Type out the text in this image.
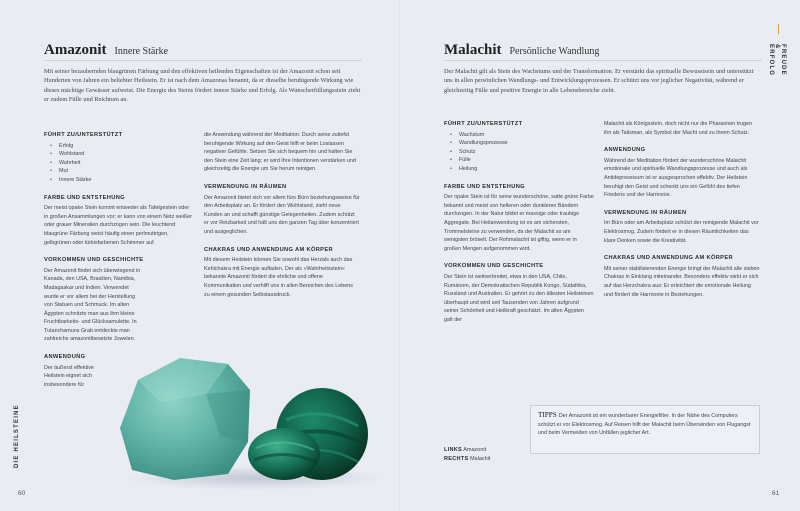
Amazonit Innere Stärke

Mit seiner bezaubernden blaugrünen Färbung und den effektiven heilenden Eigenschaften ist der Amazonit schon seit Hunderten von Jahren ein beliebter Heilstein. Er ist nach dem Amazonas benannt, da er dieselbe beruhigende Wirkung wie dieses mächtige Gewässer aufweist. Die Energie des Steins fördert innere Stärke und Erfolg. Als Wunscherfüllungsstein zieht er zudem Fülle und Reichtum an.

FÜHRT ZU/UNTERSTÜTZT
• Erfolg
• Wohlstand
• Wahrheit
• Mut
• Innere Stärke
FARBE UND ENTSTEHUNG

Der meist opake Stein kommt entweder als Tafelgestein oder in großen Ansammlungen vor; er kann von einem Netz weißer oder grauer Mineralien durchzogen sein. Die leuchtend blaugrüne Färbung weist häufig einen perlmuttrigen, gelbgrünen oder türkisfarbenen Schimmer auf.

VORKOMMEN UND GESCHICHTE

Der Amazonit findet sich überwiegend in Kanada, den USA, Brasilien, Namibia, Madagaskar und Indien. Verwendet wurde er vor allem bei der Herstellung von Statuen und Schmuck. Im alten Ägypten schnitzte man aus ihm kleine Fruchtbarkeits- und Glücksamulette. In Tutanchamuns Grab entdeckte man zahlreiche amazonitbesetzte Juwelen.

ANWENDUNG

Der äußerst effektive Heilstein eignet sich insbesondere für

die Anwendung während der Meditation: Durch seine zutiefst beruhigende Wirkung auf den Geist hilft er beim Loslassen negativer Gefühle. Setzen Sie sich bequem hin und halten Sie den Stein eine Zeit lang; er wird Ihre Intentionen verstärken und gleichzeitig die Energie um Sie herum reinigen.

VERWENDUNG IN RÄUMEN

Der Amazonit bietet sich vor allem fürs Büro beziehungsweise für den Arbeitsplatz an. Er fördert den Wohlstand, zieht neue Kunden an und schafft günstige Gelegenheiten. Zudem schützt er vor Reizbarkeit und hält uns den ganzen Tag über konzentriert und ausgeglichen.

CHAKRAS UND ANWENDUNG AM KÖRPER

Mit diesem Heilstein können Sie sowohl das Herzals auch das Kehlchakra mit Energie aufladen. Der als »Wahrheitsstein« bekannte Amazonit fördert die ehrliche und offene Kommunikation und verhilft uns in allen Bereichen des Lebens zu einem gesunden Selbstausdruck.

DIE HEILSTEINE
60
Malachit Persönliche Wandlung

Der Malachit gilt als Stein des Wachstums und der Transformation. Er verstärkt das spirituelle Bewusstsein und unterstützt uns in allen persönlichen Wandlungs- und Entwicklungsprozessen. Er schützt uns vor jeglicher Negativität, während er gleichzeitig Fülle und positive Energie in alle Lebensbereiche zieht.

FÜHRT ZU/UNTERSTÜTZT
• Wachstum
• Wandlungsprozesse
• Schutz
• Fülle
• Heilung
FARBE UND ENTSTEHUNG

Der opake Stein ist für seine wunderschöne, satte grüne Farbe bekannt und meist von helleren oder dunkleren Bändern durchzogen. In der Natur bildet er massige oder traubige Aggregate. Bei Heilanwendung ist es am sichersten, Trommelsteine zu verwenden, da der Malachit so am wenigsten bröselt. Der Rohmalachit ist giftig, wenn er in großen Mengen aufgenommen wird.

VORKOMMEN UND GESCHICHTE

Der Stein ist weitverbreitet, etwa in den USA, Chile, Rumänien, der Demokratischen Republik Kongo, Südafrika, Russland und Australien. Er gehört zu den ältesten Heilsteinen überhaupt und wird seit Tausenden von Jahren aufgrund seiner Schönheit und Heilkraft geschätzt. Im alten Ägypten galt der

Malachit als Königsstein, doch nicht nur die Pharaonen trugen ihn als Talisman, als Symbol der Macht und zu ihrem Schutz.

ANWENDUNG

Während der Meditation fördert der wunderschöne Malachit emotionale und spirituelle Wandlungsprozesse und auch als Antidepressivum ist er ausgesprochen effektiv. Der Heilstein beruhigt den Geist und schenkt uns ein Gefühl des tiefen Friedens und der Harmonie.

VERWENDUNG IN RÄUMEN

Im Büro oder am Arbeitsplatz schützt der reinigende Malachit vor Elektrosmog. Zudem fördert er in diesen Räumlichkeiten das klare Denken sowie die Kreativität.

CHAKRAS UND ANWENDUNG AM KÖRPER

Mit seiner stabilisierenden Energie bringt der Malachit alle sieben Chakras in Einklang miteinander. Besonders effektiv wirkt er sich auf das Herzchakra aus: Er erleichtert die emotionale Heilung und fördert die Harmonie in Beziehungen.

FREUDE & ERFOLG
61
LINKS Amazonit
RECHTS Malachit
TIPPS Der Amazonit ist ein wunderbarer Energiefilter. In der Nähe des Computers schützt er vor Elektrosmog. Auf Reisen hilft der Malachit beim Überwinden von Flugangst und beim Vermeiden von Unfällen jeglicher Art.
